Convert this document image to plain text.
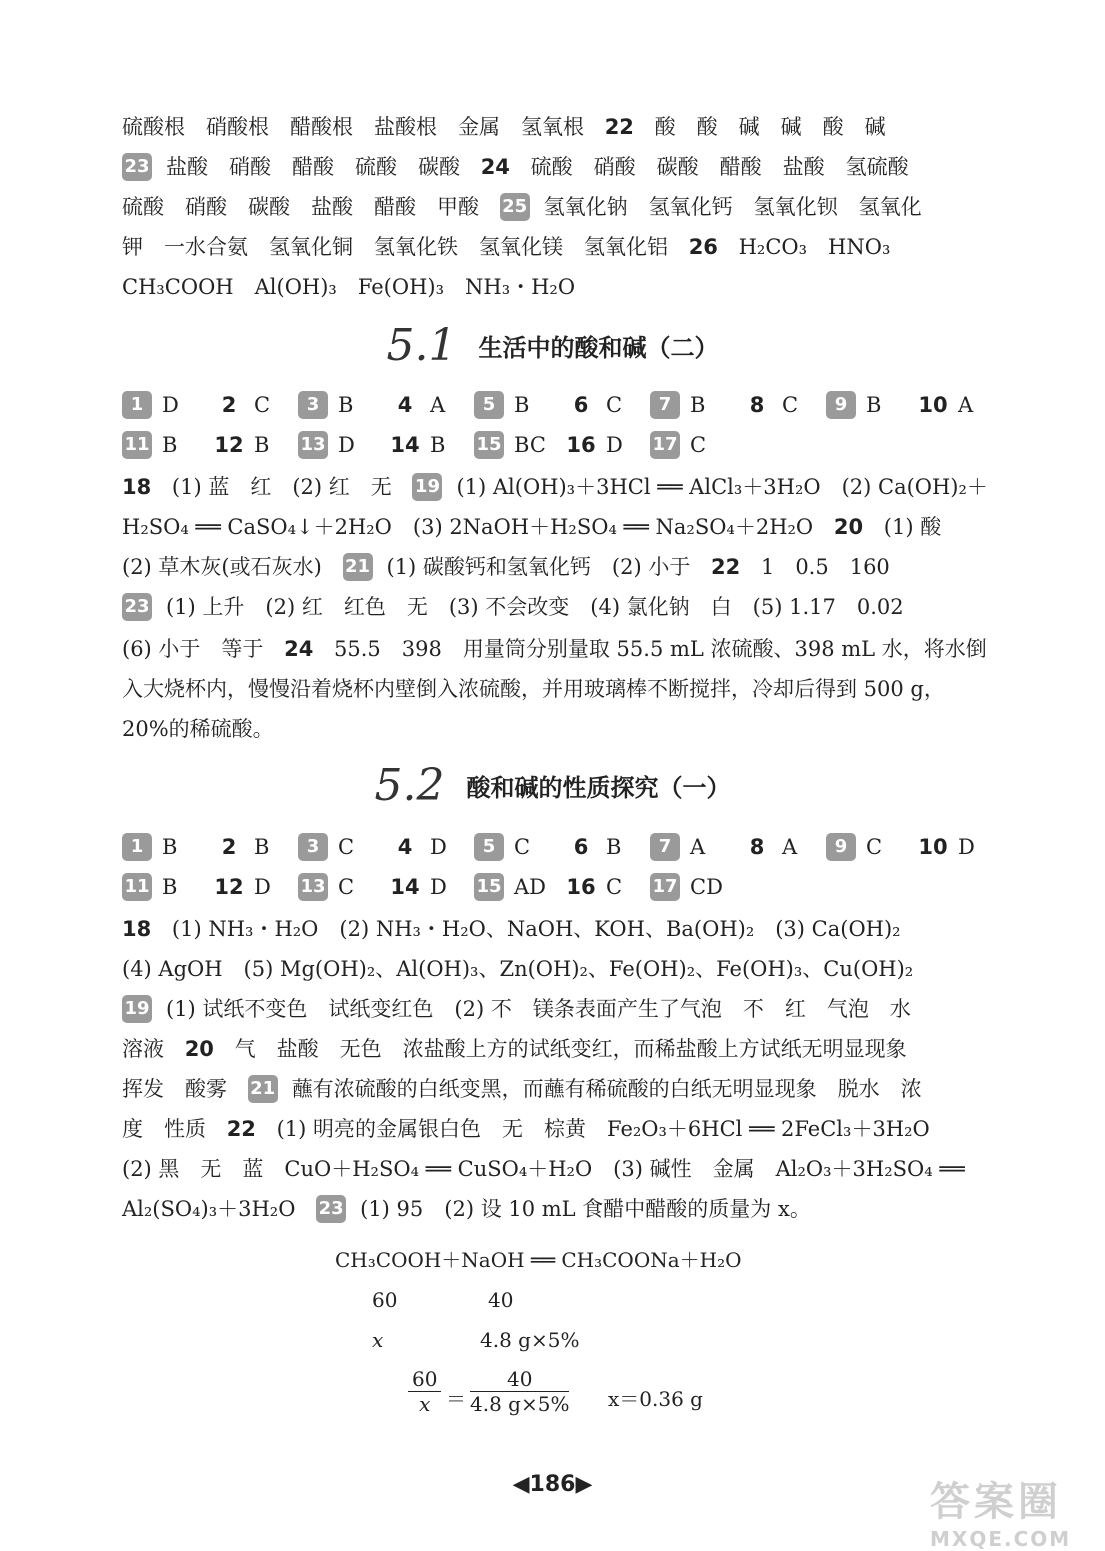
硫酸根　硝酸根　醋酸根　盐酸根　金属　氢氧根 22 酸　酸　碱　碱　酸　碱
23 盐酸　硝酸　醋酸　硫酸　碳酸 24 硫酸　硝酸　碳酸　醋酸　盐酸　氢硫酸
硫酸　硝酸　碳酸　盐酸　醋酸　甲酸 25 氢氧化钠　氢氧化钙　氢氧化钡　氢氧化
钾　一水合氨　氢氧化铜　氢氧化铁　氢氧化镁　氢氧化铝 26 H₂CO₃　HNO₃
CH₃COOH　Al(OH)₃　Fe(OH)₃　NH₃・H₂O
5.1 生活中的酸和碱（二）
1 D	2 C	3 B	4 A	5 B	6 C	7 B	8 C	9 B 10 A
11 B 12 B 13 D 14 B 15 BC 16 D 17 C
18 (1) 蓝　红　(2) 红　无 19 (1) Al(OH)₃＋3HCl ══ AlCl₃＋3H₂O　(2) Ca(OH)₂＋
H₂SO₄ ══ CaSO₄↓＋2H₂O　(3) 2NaOH＋H₂SO₄ ══ Na₂SO₄＋2H₂O 20 (1) 酸
(2) 草木灰(或石灰水) 21 (1) 碳酸钙和氢氧化钙　(2) 小于 22 1　0.5　160
23 (1) 上升　(2) 红　红色　无　(3) 不会改变　(4) 氯化钠　白　(5) 1.17　0.02
(6) 小于　等于 24 55.5　398　用量筒分别量取 55.5 mL 浓硫酸、398 mL 水，将水倒
入大烧杯内，慢慢沿着烧杯内壁倒入浓硫酸，并用玻璃棒不断搅拌，冷却后得到 500 g，
20%的稀硫酸。
5.2 酸和碱的性质探究（一）
1 B	2 B	3 C	4 D	5 C	6 B	7 A	8 A	9 C 10 D
11 B 12 D 13 C 14 D 15 AD 16 C 17 CD
18 (1) NH₃・H₂O　(2) NH₃・H₂O、NaOH、KOH、Ba(OH)₂　(3) Ca(OH)₂
(4) AgOH　(5) Mg(OH)₂、Al(OH)₃、Zn(OH)₂、Fe(OH)₂、Fe(OH)₃、Cu(OH)₂
19 (1) 试纸不变色　试纸变红色　(2) 不　镁条表面产生了气泡　不　红　气泡　水
溶液 20 气　盐酸　无色　浓盐酸上方的试纸变红，而稀盐酸上方试纸无明显现象
挥发　酸雾 21 蘸有浓硫酸的白纸变黑，而蘸有稀硫酸的白纸无明显现象　脱水　浓
度　性质 22 (1) 明亮的金属银白色　无　棕黄　Fe₂O₃＋6HCl ══ 2FeCl₃＋3H₂O
(2) 黑　无　蓝　CuO＋H₂SO₄ ══ CuSO₄＋H₂O　(3) 碱性　金属　Al₂O₃＋3H₂SO₄ ══
Al₂(SO₄)₃＋3H₂O 23 (1) 95　(2) 设 10 mL 食醋中醋酸的质量为 x。
CH₃COOH＋NaOH ══ CH₃COONa＋H₂O
60	40
x	4.8 g×5%
$\frac{60}{x} = \frac{40}{4.8 g\times 5\%} x=0.36$ g
◀186▶	答案圈
MXQE.COM
